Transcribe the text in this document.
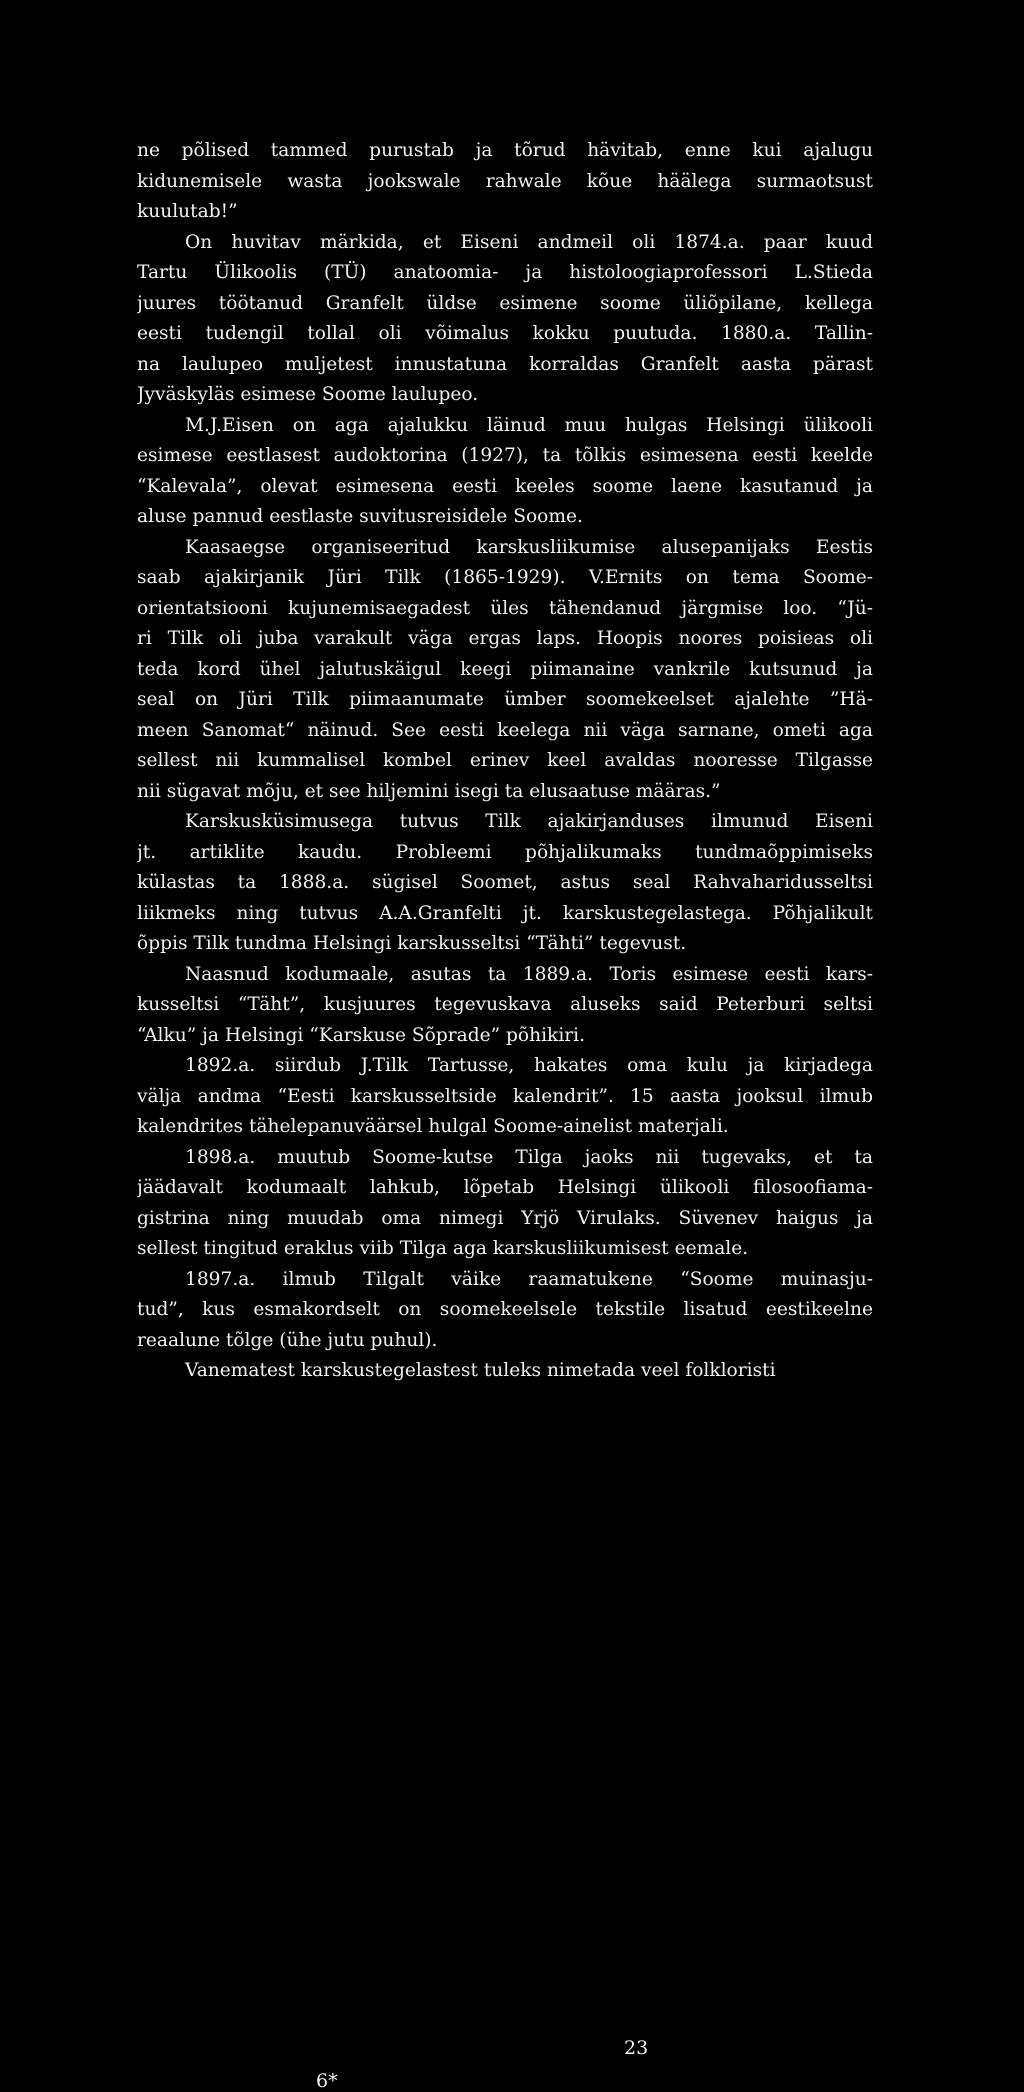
ne põlised tammed purustab ja tõrud hävitab, enne kui ajalugu
kidunemisele wasta jookswale rahwale kõue häälega surmaotsust
kuulutab!”
On huvitav märkida, et Eiseni andmeil oli 1874.a. paar kuud
Tartu Ülikoolis (TÜ) anatoomia- ja histoloogiaprofessori L.Stieda
juures töötanud Granfelt üldse esimene soome üliõpilane, kellega
eesti tudengil tollal oli võimalus kokku puutuda. 1880.a. Tallin-
na laulupeo muljetest innustatuna korraldas Granfelt aasta pärast
Jyväskyläs esimese Soome laulupeo.
M.J.Eisen on aga ajalukku läinud muu hulgas Helsingi ülikooli
esimese eestlasest audoktorina (1927), ta tõlkis esimesena eesti keelde
“Kalevala”, olevat esimesena eesti keeles soome laene kasutanud ja
aluse pannud eestlaste suvitusreisidele Soome.
Kaasaegse organiseeritud karskusliikumise alusepanijaks Eestis
saab ajakirjanik Jüri Tilk (1865-1929). V.Ernits on tema Soome-
orientatsiooni kujunemisaegadest üles tähendanud järgmise loo. “Jü-
ri Tilk oli juba varakult väga ergas laps. Hoopis noores poisieas oli
teda kord ühel jalutuskäigul keegi piimanaine vankrile kutsunud ja
seal on Jüri Tilk piimaanumate ümber soomekeelset ajalehte ”Hä-
meen Sanomat“ näinud. See eesti keelega nii väga sarnane, ometi aga
sellest nii kummalisel kombel erinev keel avaldas nooresse Tilgasse
nii sügavat mõju, et see hiljemini isegi ta elusaatuse määras.”
Karskusküsimusega tutvus Tilk ajakirjanduses ilmunud Eiseni
jt. artiklite kaudu. Probleemi põhjalikumaks tundmaõppimiseks
külastas ta 1888.a. sügisel Soomet, astus seal Rahvaharidusseltsi
liikmeks ning tutvus A.A.Granfelti jt. karskustegelastega. Põhjalikult
õppis Tilk tundma Helsingi karskusseltsi “Tähti” tegevust.
Naasnud kodumaale, asutas ta 1889.a. Toris esimese eesti kars-
kusseltsi “Täht”, kusjuures tegevuskava aluseks said Peterburi seltsi
“Alku” ja Helsingi “Karskuse Sõprade” põhikiri.
1892.a. siirdub J.Tilk Tartusse, hakates oma kulu ja kirjadega
välja andma “Eesti karskusseltside kalendrit”. 15 aasta jooksul ilmub
kalendrites tähelepanuväärsel hulgal Soome-ainelist materjali.
1898.a. muutub Soome-kutse Tilga jaoks nii tugevaks, et ta
jäädavalt kodumaalt lahkub, lõpetab Helsingi ülikooli filosoofiama-
gistrina ning muudab oma nimegi Yrjö Virulaks. Süvenev haigus ja
sellest tingitud eraklus viib Tilga aga karskusliikumisest eemale.
1897.a. ilmub Tilgalt väike raamatukene “Soome muinasju-
tud”, kus esmakordselt on soomekeelsele tekstile lisatud eestikeelne
reaalune tõlge (ühe jutu puhul).
Vanematest karskustegelastest tuleks nimetada veel folkloristi
23
6*
